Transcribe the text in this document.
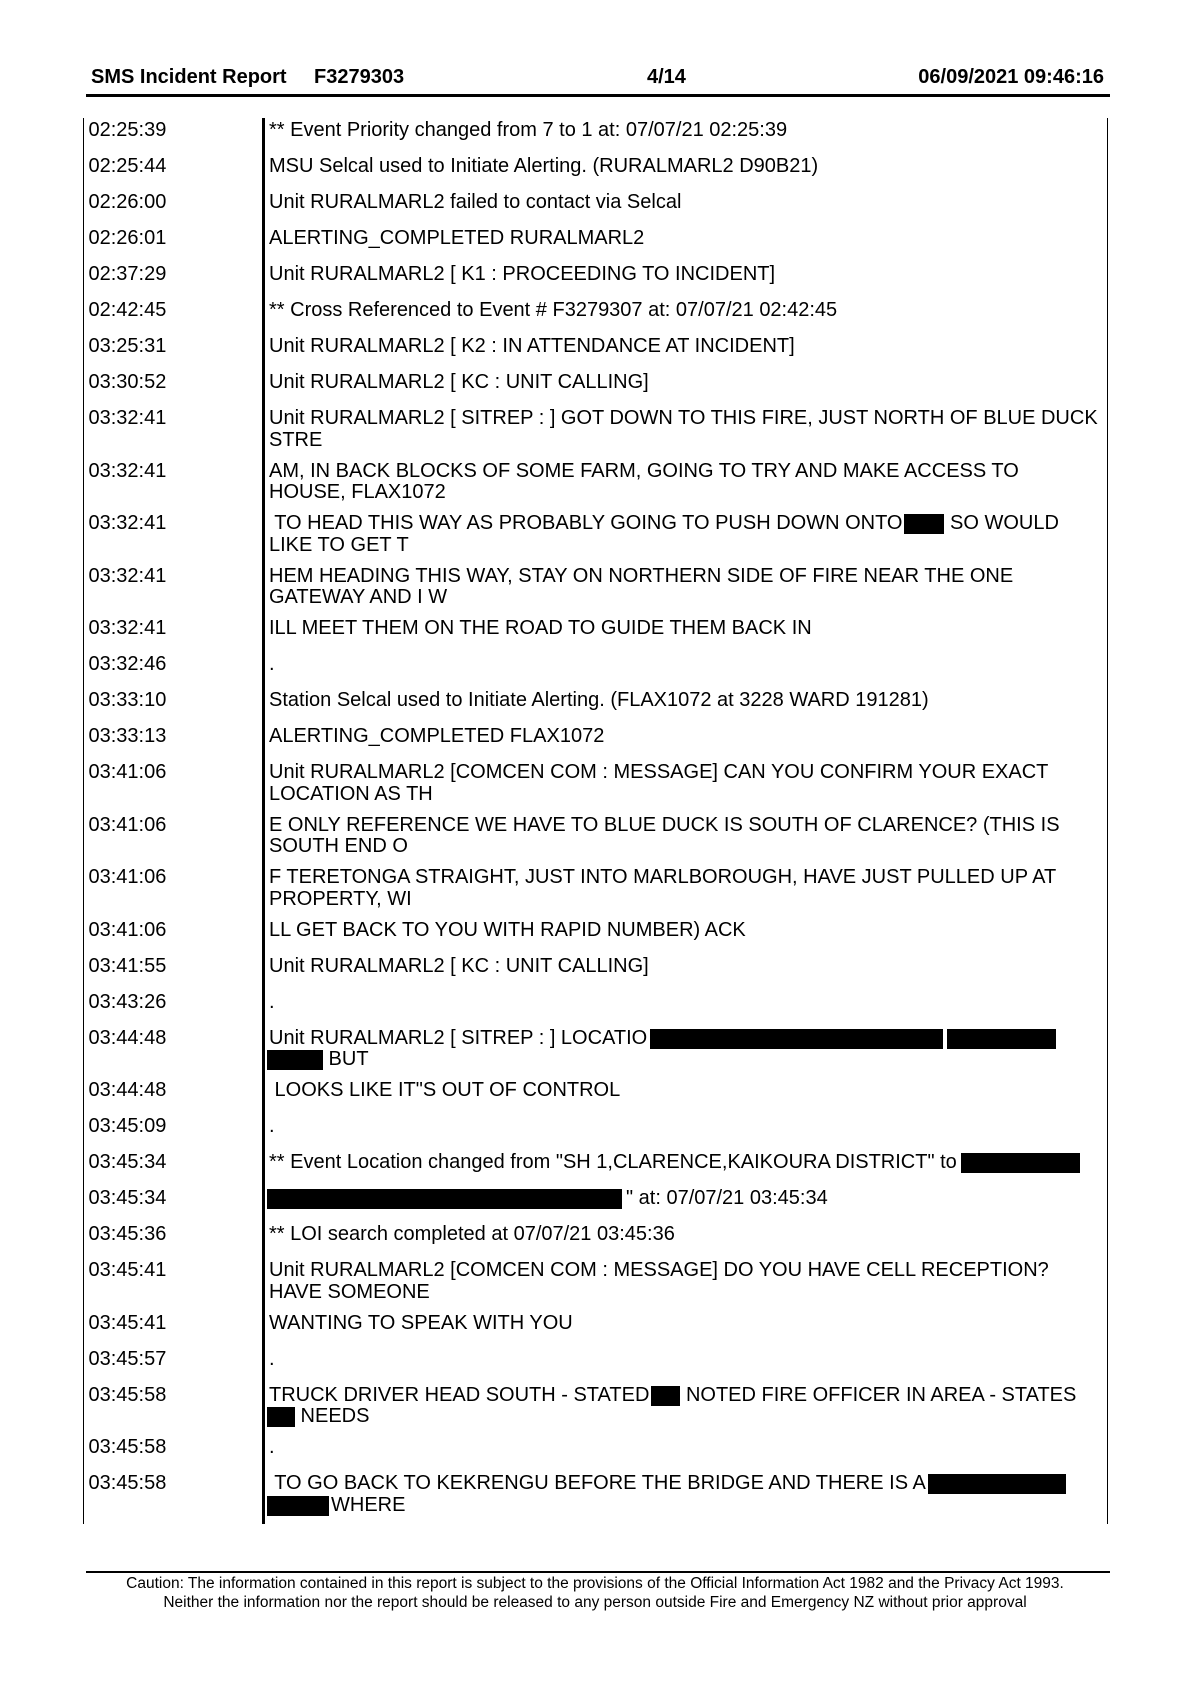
SMS Incident Report F3279303	4/14	06/09/2021 09:46:16
02:25:39	** Event Priority changed from 7 to 1 at: 07/07/21 02:25:39
02:25:44	MSU Selcal used to Initiate Alerting. (RURALMARL2 D90B21)
02:26:00	Unit RURALMARL2 failed to contact via Selcal
02:26:01	ALERTING_COMPLETED RURALMARL2
02:37:29	Unit RURALMARL2 [ K1 : PROCEEDING TO INCIDENT]
02:42:45	** Cross Referenced to Event # F3279307 at: 07/07/21 02:42:45
03:25:31	Unit RURALMARL2 [ K2 : IN ATTENDANCE AT INCIDENT]
03:30:52	Unit RURALMARL2 [ KC : UNIT CALLING]
03:32:41	Unit RURALMARL2 [ SITREP : ] GOT DOWN TO THIS FIRE, JUST NORTH OF BLUE DUCK
STRE
03:32:41	AM, IN BACK BLOCKS OF SOME FARM, GOING TO TRY AND MAKE ACCESS TO
HOUSE, FLAX1072
03:32:41	TO HEAD THIS WAY AS PROBABLY GOING TO PUSH DOWN ONTO SO WOULD
LIKE TO GET T
03:32:41	HEM HEADING THIS WAY, STAY ON NORTHERN SIDE OF FIRE NEAR THE ONE
GATEWAY AND I W
03:32:41	ILL MEET THEM ON THE ROAD TO GUIDE THEM BACK IN
03:32:46	.
03:33:10	Station Selcal used to Initiate Alerting. (FLAX1072 at 3228 WARD 191281)
03:33:13	ALERTING_COMPLETED FLAX1072
03:41:06	Unit RURALMARL2 [COMCEN COM : MESSAGE] CAN YOU CONFIRM YOUR EXACT
LOCATION AS TH
03:41:06	E ONLY REFERENCE WE HAVE TO BLUE DUCK IS SOUTH OF CLARENCE? (THIS IS
SOUTH END O
03:41:06	F TERETONGA STRAIGHT, JUST INTO MARLBOROUGH, HAVE JUST PULLED UP AT
PROPERTY, WI
03:41:06	LL GET BACK TO YOU WITH RAPID NUMBER) ACK
03:41:55	Unit RURALMARL2 [ KC : UNIT CALLING]
03:43:26	.
03:44:48	Unit RURALMARL2 [ SITREP : ] LOCATIO
BUT
03:44:48	LOOKS LIKE IT"S OUT OF CONTROL
03:45:09	.
03:45:34	** Event Location changed from "SH 1,CLARENCE,KAIKOURA DISTRICT" to
03:45:34	" at: 07/07/21 03:45:34
03:45:36	** LOI search completed at 07/07/21 03:45:36
03:45:41	Unit RURALMARL2 [COMCEN COM : MESSAGE] DO YOU HAVE CELL RECEPTION?
HAVE SOMEONE
03:45:41	WANTING TO SPEAK WITH YOU
03:45:57	.
03:45:58	TRUCK DRIVER HEAD SOUTH - STATED NOTED FIRE OFFICER IN AREA - STATES
NEEDS
03:45:58	.
03:45:58	TO GO BACK TO KEKRENGU BEFORE THE BRIDGE AND THERE IS A
WHERE
Caution: The information contained in this report is subject to the provisions of the Official Information Act 1982 and the Privacy Act 1993.
Neither the information nor the report should be released to any person outside Fire and Emergency NZ without prior approval
